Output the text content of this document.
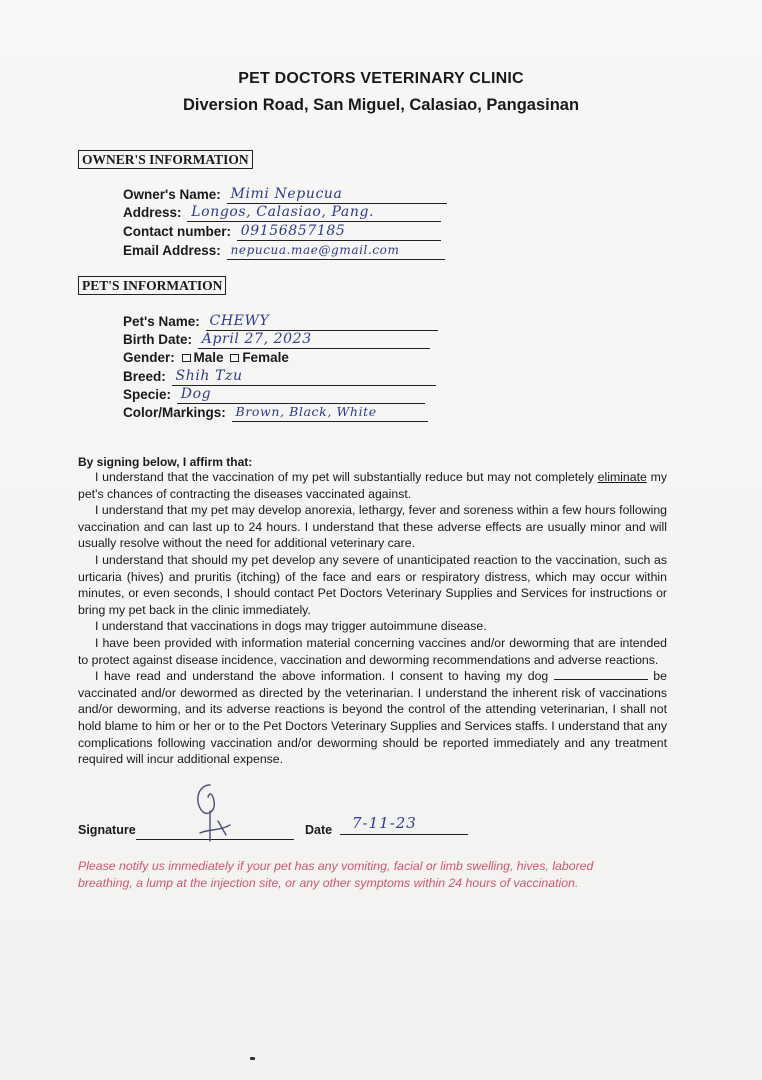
PET DOCTORS VETERINARY CLINIC
Diversion Road, San Miguel, Calasiao, Pangasinan
OWNER'S INFORMATION
Owner's Name: Mimi Nepucua
Address: Longos, Calasiao, Pang.
Contact number: 09156857185
Email Address: nepucua.mae@gmail.com
PET'S INFORMATION
Pet's Name: CHEWY
Birth Date: April 27, 2023
Gender: Male Female
Breed: Shih Tzu
Specie: Dog
Color/Markings: Brown, Black, White
By signing below, I affirm that:

I understand that the vaccination of my pet will substantially reduce but may not completely eliminate my pet's chances of contracting the diseases vaccinated against.

I understand that my pet may develop anorexia, lethargy, fever and soreness within a few hours following vaccination and can last up to 24 hours. I understand that these adverse effects are usually minor and will usually resolve without the need for additional veterinary care.

I understand that should my pet develop any severe of unanticipated reaction to the vaccination, such as urticaria (hives) and pruritis (itching) of the face and ears or respiratory distress, which may occur within minutes, or even seconds, I should contact Pet Doctors Veterinary Supplies and Services for instructions or bring my pet back in the clinic immediately.

I understand that vaccinations in dogs may trigger autoimmune disease.

I have been provided with information material concerning vaccines and/or deworming that are intended to protect against disease incidence, vaccination and deworming recommendations and adverse reactions.

I have read and understand the above information. I consent to having my dog	be vaccinated and/or dewormed as directed by the veterinarian. I understand the inherent risk of vaccinations and/or deworming, and its adverse reactions is beyond the control of the attending veterinarian, I shall not hold blame to him or her or to the Pet Doctors Veterinary Supplies and Services staffs. I understand that any complications following vaccination and/or deworming should be reported immediately and any treatment required will incur additional expense.

Signature	Date 7-11-23
Please notify us immediately if your pet has any vomiting, facial or limb swelling, hives, labored breathing, a lump at the injection site, or any other symptoms within 24 hours of vaccination.
